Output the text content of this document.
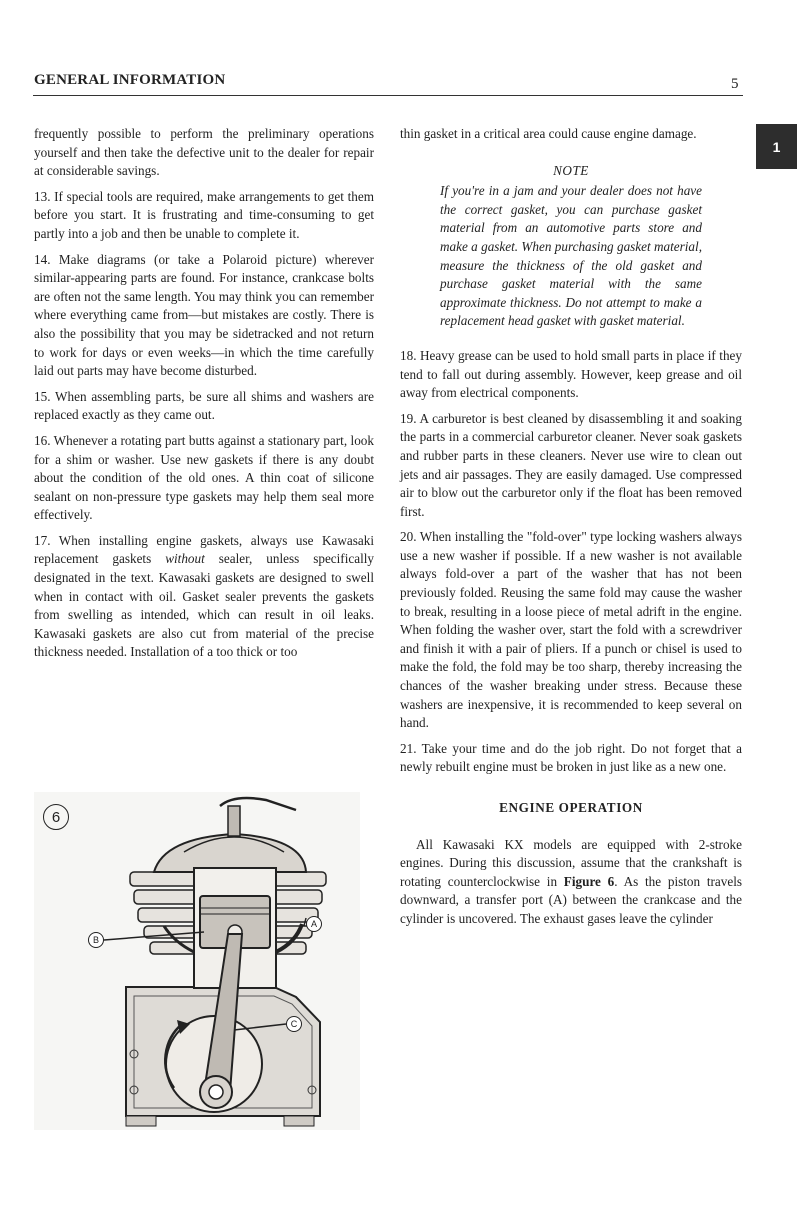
GENERAL INFORMATION	5
1

frequently possible to perform the preliminary operations yourself and then take the defective unit to the dealer for repair at considerable savings.

13. If special tools are required, make arrangements to get them before you start. It is frustrating and time-consuming to get partly into a job and then be unable to complete it.

14. Make diagrams (or take a Polaroid picture) wherever similar-appearing parts are found. For instance, crankcase bolts are often not the same length. You may think you can remember where everything came from—but mistakes are costly. There is also the possibility that you may be sidetracked and not return to work for days or even weeks—in which the time carefully laid out parts may have become disturbed.

15. When assembling parts, be sure all shims and washers are replaced exactly as they came out.

16. Whenever a rotating part butts against a stationary part, look for a shim or washer. Use new gaskets if there is any doubt about the condition of the old ones. A thin coat of silicone sealant on non-pressure type gaskets may help them seal more effectively.

17. When installing engine gaskets, always use Kawasaki replacement gaskets without sealer, unless specifically designated in the text. Kawasaki gaskets are designed to swell when in contact with oil. Gasket sealer prevents the gaskets from swelling as intended, which can result in oil leaks. Kawasaki gaskets are also cut from material of the precise thickness needed. Installation of a too thick or too

6
A
B
C

thin gasket in a critical area could cause engine damage.

NOTE
If you're in a jam and your dealer does not have the correct gasket, you can purchase gasket material from an automotive parts store and make a gasket. When purchasing gasket material, measure the thickness of the old gasket and purchase gasket material with the same approximate thickness. Do not attempt to make a replacement head gasket with gasket material.

18. Heavy grease can be used to hold small parts in place if they tend to fall out during assembly. However, keep grease and oil away from electrical components.

19. A carburetor is best cleaned by disassembling it and soaking the parts in a commercial carburetor cleaner. Never soak gaskets and rubber parts in these cleaners. Never use wire to clean out jets and air passages. They are easily damaged. Use compressed air to blow out the carburetor only if the float has been removed first.

20. When installing the "fold-over" type locking washers always use a new washer if possible. If a new washer is not available always fold-over a part of the washer that has not been previously folded. Reusing the same fold may cause the washer to break, resulting in a loose piece of metal adrift in the engine. When folding the washer over, start the fold with a screwdriver and finish it with a pair of pliers. If a punch or chisel is used to make the fold, the fold may be too sharp, thereby increasing the chances of the washer breaking under stress. Because these washers are inexpensive, it is recommended to keep several on hand.

21. Take your time and do the job right. Do not forget that a newly rebuilt engine must be broken in just like as a new one.

ENGINE OPERATION

All Kawasaki KX models are equipped with 2-stroke engines. During this discussion, assume that the crankshaft is rotating counterclockwise in Figure 6. As the piston travels downward, a transfer port (A) between the crankcase and the cylinder is uncovered. The exhaust gases leave the cylinder
